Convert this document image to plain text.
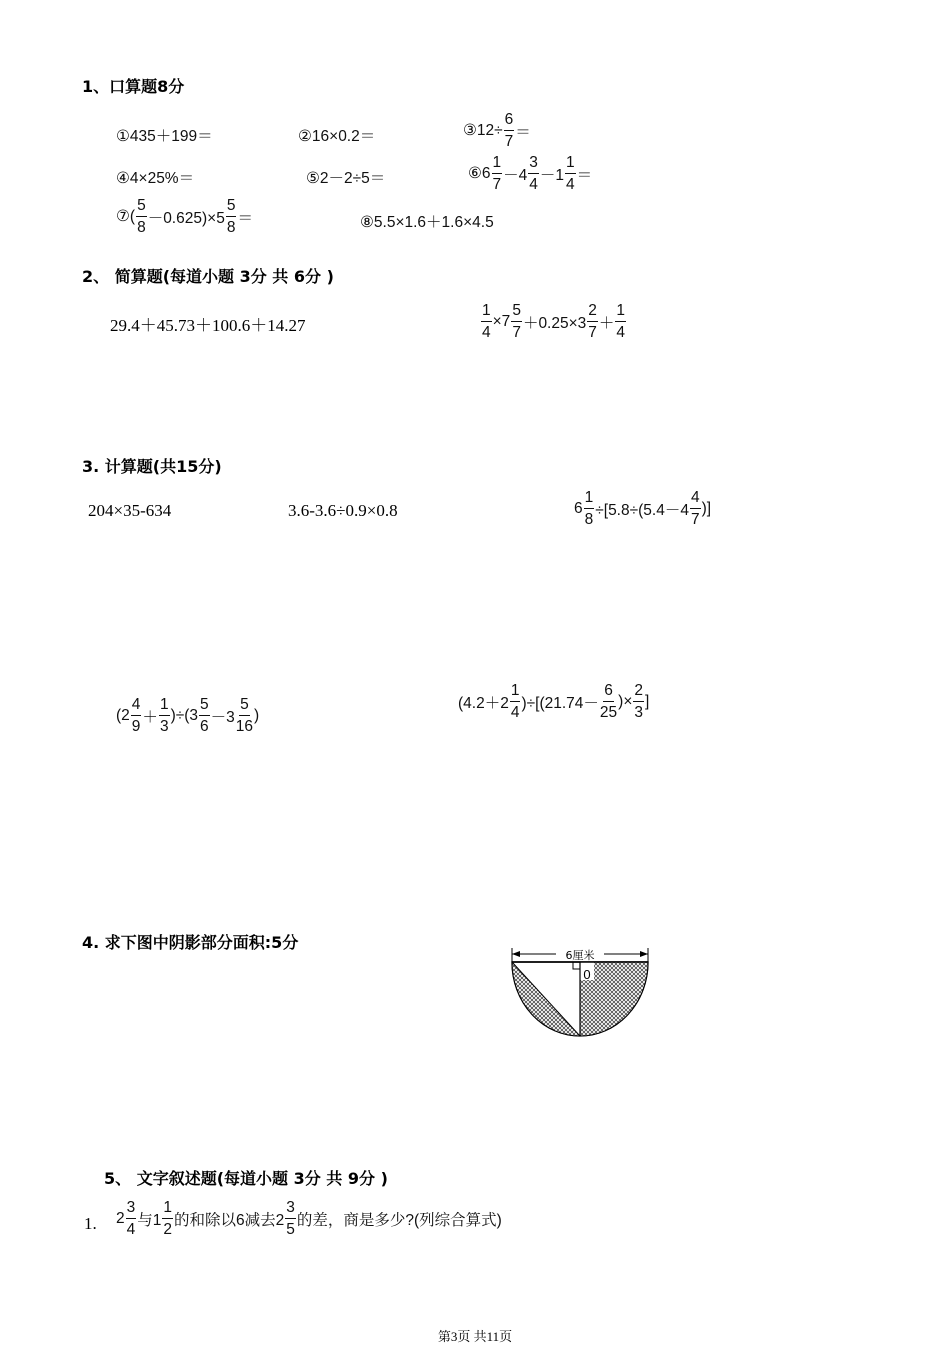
1、口算题8分
①435＋199＝	②16×0.2＝	③12÷ $\frac{6}{7}$ ＝
④4×25%＝	⑤2－2÷5＝	⑥6 $\frac{1}{7} -4 \frac{3}{4} -1 \frac{1}{4}$ ＝
⑦( $\frac{5}{8} -0.625)\times 5 \frac{5}{8}$ ＝	⑧5.5×1.6＋1.6×4.5
2、 简算题(每道小题 3分 共 6分 )
29.4＋45.73＋100.6＋14.27	$\frac{1}{4} \times 7 \frac{5}{7} +0.25\times 3 \frac{2}{7} + \frac{1}{4}$
3. 计算题(共15分)
204×35-634	3.6-3.6÷0.9×0.8	$6 \frac{1}{8} \div[5.8\div(5.4-4 \frac{4}{7}$ )]
$(2 \frac{4}{9} + \frac{1}{3} )\div(3 \frac{5}{6} -3 \frac{5}{16}$ )
$(4.2+2 \frac{1}{4} )\div[(21.74- \frac{6}{25}$ )× $\frac{2}{3}$ ]
4. 求下图中阴影部分面积:5分
6厘米
0
5、 文字叙述题(每道小题 3分 共 9分 )
1. $2 \frac{3}{4}$ 与$1 \frac{1}{2}$ 的和除以6减去$2 \frac{3}{5}$ 的差，商是多少?(列综合算式)
第3页 共11页
